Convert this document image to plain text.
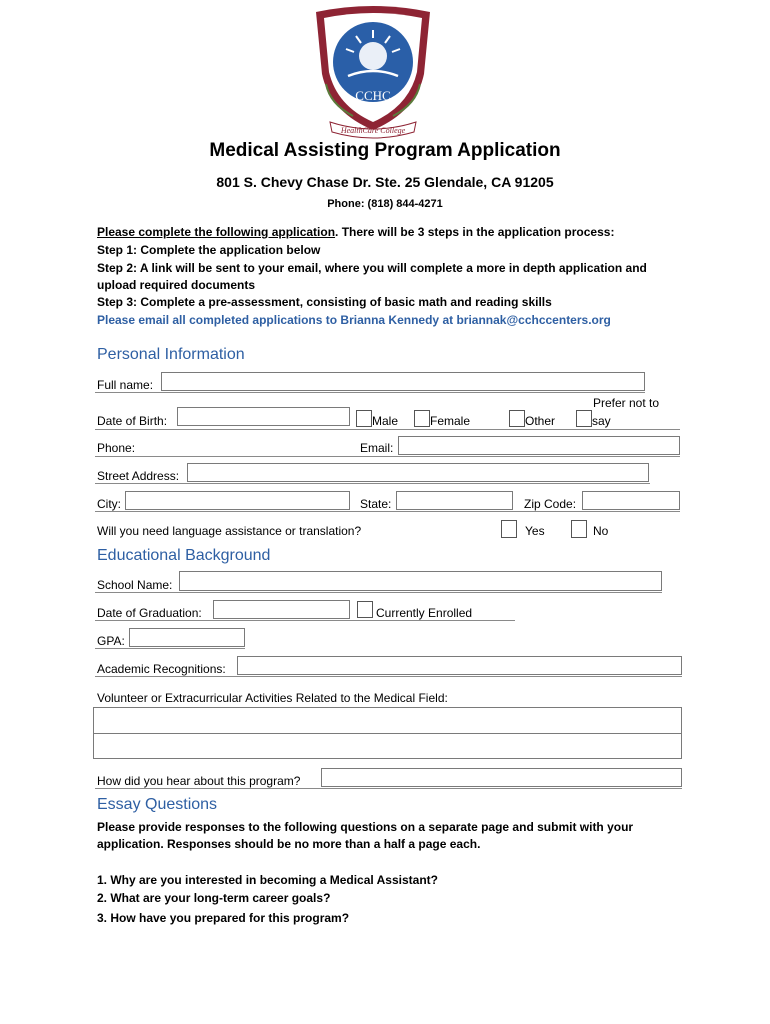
CCHC
HealthCare College
Medical Assisting Program Application
801 S. Chevy Chase Dr. Ste. 25 Glendale, CA 91205
Phone: (818) 844-4271
Please complete the following application. There will be 3 steps in the application process:
Step 1: Complete the application below
Step 2: A link will be sent to your email, where you will complete a more in depth application and
upload required documents
Step 3: Complete a pre-assessment, consisting of basic math and reading skills
Please email all completed applications to Brianna Kennedy at briannak@cchccenters.org
Personal Information
Full name:
Date of Birth:	Male	Female	Other
Prefer not to
say
Phone:	Email:
Street Address:
City:	State:	Zip Code:
Will you need language assistance or translation?	Yes	No
Educational Background
School Name:
Date of Graduation:	Currently Enrolled
GPA:
Academic Recognitions:
Volunteer or Extracurricular Activities Related to the Medical Field:
How did you hear about this program?
Essay Questions
Please provide responses to the following questions on a separate page and submit with your
application. Responses should be no more than a half a page each.
1. Why are you interested in becoming a Medical Assistant?
2. What are your long-term career goals?
3. How have you prepared for this program?
